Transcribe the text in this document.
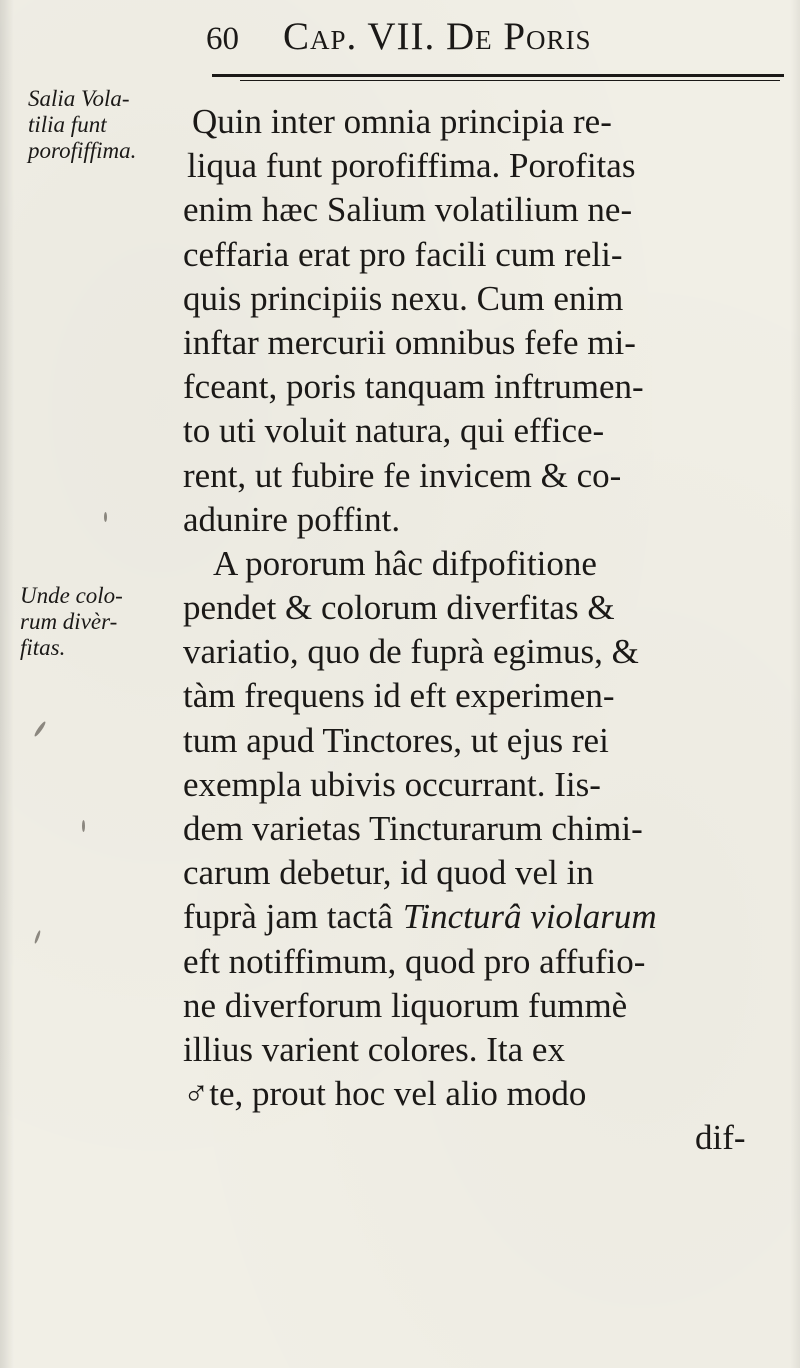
60 Cap. VII. De Poris
Salia Vola-
tilia funt
porofiffima.
Unde colo-
rum divèr-
fitas.
Quin inter omnia principia re-
liqua funt porofiffima. Porofitas
enim hæc Salium volatilium ne-
ceffaria erat pro facili cum reli-
quis principiis nexu. Cum enim
inftar mercurii omnibus fefe mi-
fceant, poris tanquam inftrumen-
to uti voluit natura, qui effice-
rent, ut fubire fe invicem & co-
adunire poffint.
A pororum hâc difpofitione
pendet & colorum diverfitas &
variatio, quo de fuprà egimus, &
tàm frequens id eft experimen-
tum apud Tinctores, ut ejus rei
exempla ubivis occurrant. Iis-
dem varietas Tincturarum chimi-
carum debetur, id quod vel in
fuprà jam tactâ Tincturâ violarum
eft notiffimum, quod pro affufio-
ne diverforum liquorum fummè
illius varient colores. Ita ex
♂te, prout hoc vel alio modo
dif-
